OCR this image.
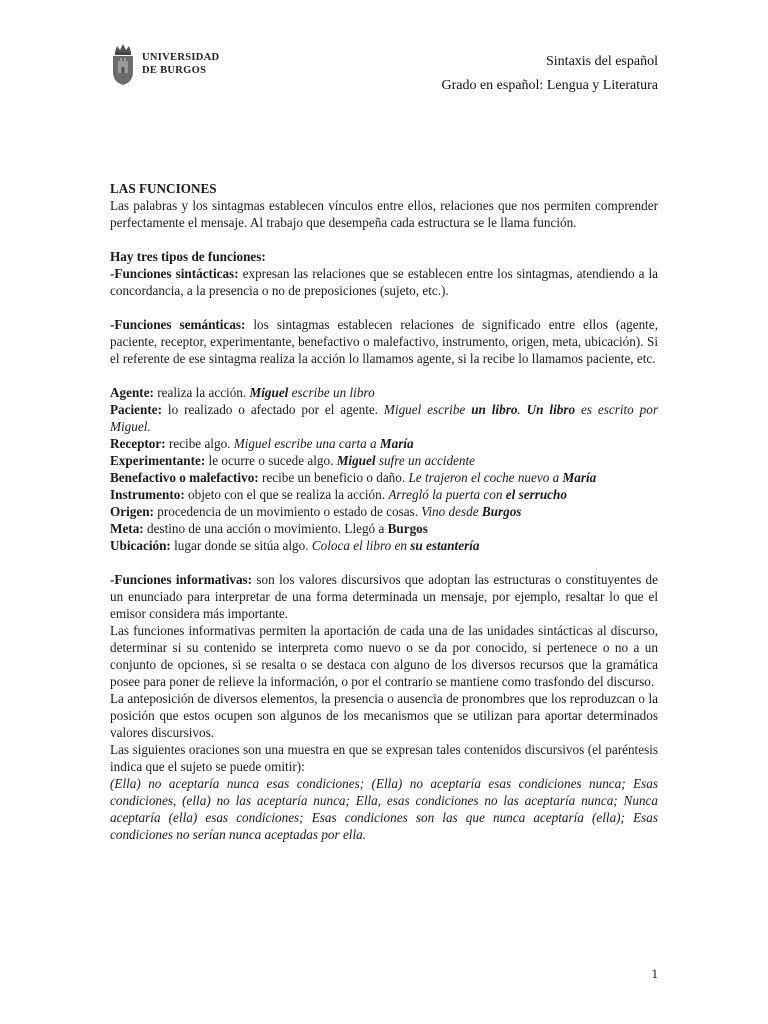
UNIVERSIDAD
DE BURGOS
Sintaxis del español
Grado en español: Lengua y Literatura

LAS FUNCIONES

Las palabras y los sintagmas establecen vínculos entre ellos, relaciones que nos permiten comprender perfectamente el mensaje. Al trabajo que desempeña cada estructura se le llama función.

Hay tres tipos de funciones:

-Funciones sintácticas: expresan las relaciones que se establecen entre los sintagmas, atendiendo a la concordancia, a la presencia o no de preposiciones (sujeto, etc.).

-Funciones semánticas: los sintagmas establecen relaciones de significado entre ellos (agente, paciente, receptor, experimentante, benefactivo o malefactivo, instrumento, origen, meta, ubicación). Si el referente de ese sintagma realiza la acción lo llamamos agente, si la recibe lo llamamos paciente, etc.

Agente: realiza la acción. Miguel escribe un libro

Paciente: lo realizado o afectado por el agente. Miguel escribe un libro. Un libro es escrito por Miguel.

Receptor: recibe algo. Miguel escribe una carta a María

Experimentante: le ocurre o sucede algo. Miguel sufre un accidente

Benefactivo o malefactivo: recibe un beneficio o daño. Le trajeron el coche nuevo a María

Instrumento: objeto con el que se realiza la acción. Arregló la puerta con el serrucho

Origen: procedencia de un movimiento o estado de cosas. Vino desde Burgos

Meta: destino de una acción o movimiento. Llegó a Burgos

Ubicación: lugar donde se sitúa algo. Coloca el libro en su estantería

-Funciones informativas: son los valores discursivos que adoptan las estructuras o constituyentes de un enunciado para interpretar de una forma determinada un mensaje, por ejemplo, resaltar lo que el emisor considera más importante.

Las funciones informativas permiten la aportación de cada una de las unidades sintácticas al discurso, determinar si su contenido se interpreta como nuevo o se da por conocido, si pertenece o no a un conjunto de opciones, si se resalta o se destaca con alguno de los diversos recursos que la gramática posee para poner de relieve la información, o por el contrario se mantiene como trasfondo del discurso.

La anteposición de diversos elementos, la presencia o ausencia de pronombres que los reproduzcan o la posición que estos ocupen son algunos de los mecanismos que se utilizan para aportar determinados valores discursivos.

Las siguientes oraciones son una muestra en que se expresan tales contenidos discursivos (el paréntesis indica que el sujeto se puede omitir):

(Ella) no aceptaría nunca esas condiciones; (Ella) no aceptaría esas condiciones nunca; Esas condiciones, (ella) no las aceptaría nunca; Ella, esas condiciones no las aceptaría nunca; Nunca aceptaría (ella) esas condiciones; Esas condiciones son las que nunca aceptaría (ella); Esas condiciones no serían nunca aceptadas por ella.

1
